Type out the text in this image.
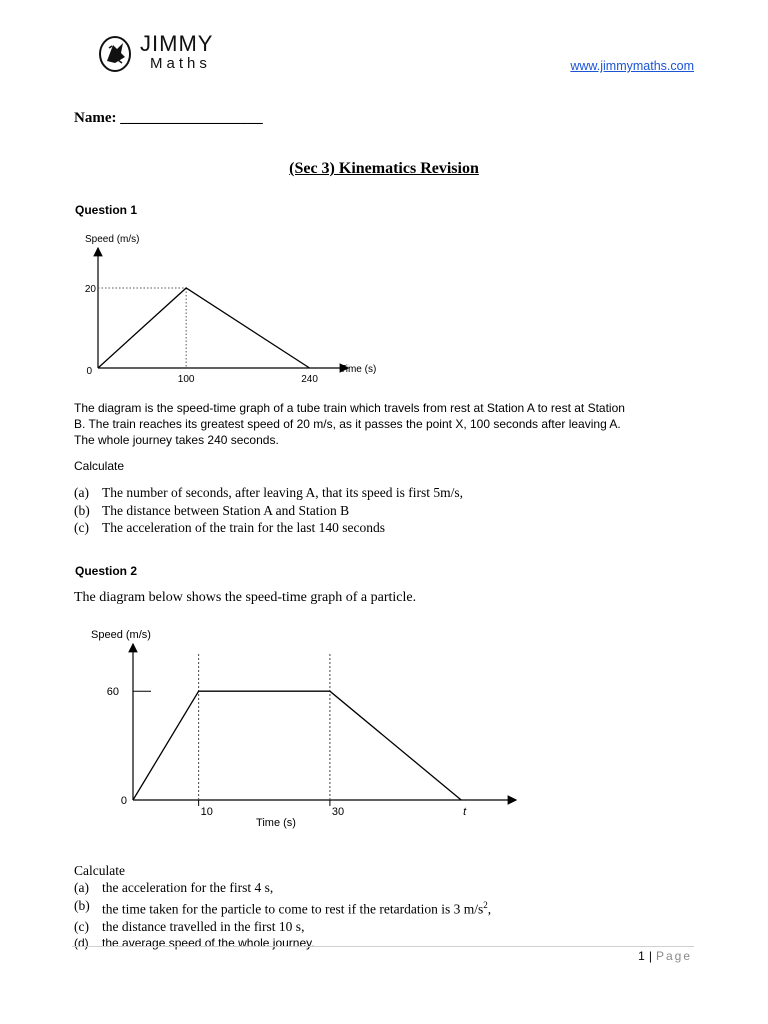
JIMMY
Maths	www.jimmymaths.com
Name: ___________________
(Sec 3) Kinematics Revision
Question 1
Speed (m/s)
Time (s)
0
20
100	240
The diagram is the speed-time graph of a tube train which travels from rest at Station A to rest at Station B. The train reaches its greatest speed of 20 m/s, as it passes the point X, 100 seconds after leaving A. The whole journey takes 240 seconds.
Calculate
(a) The number of seconds, after leaving A, that its speed is first 5m/s,
(b) The distance between Station A and Station B
(c) The acceleration of the train for the last 140 seconds
Question 2
The diagram below shows the speed-time graph of a particle.
Speed (m/s)
Time (s)
0
60
10	30	t
Calculate
(a) the acceleration for the first 4 s,
(b) the time taken for the particle to come to rest if the retardation is 3 $m/s^2$,
(c) the distance travelled in the first 10 s,
(d) the average speed of the whole journey.
1 | Page
